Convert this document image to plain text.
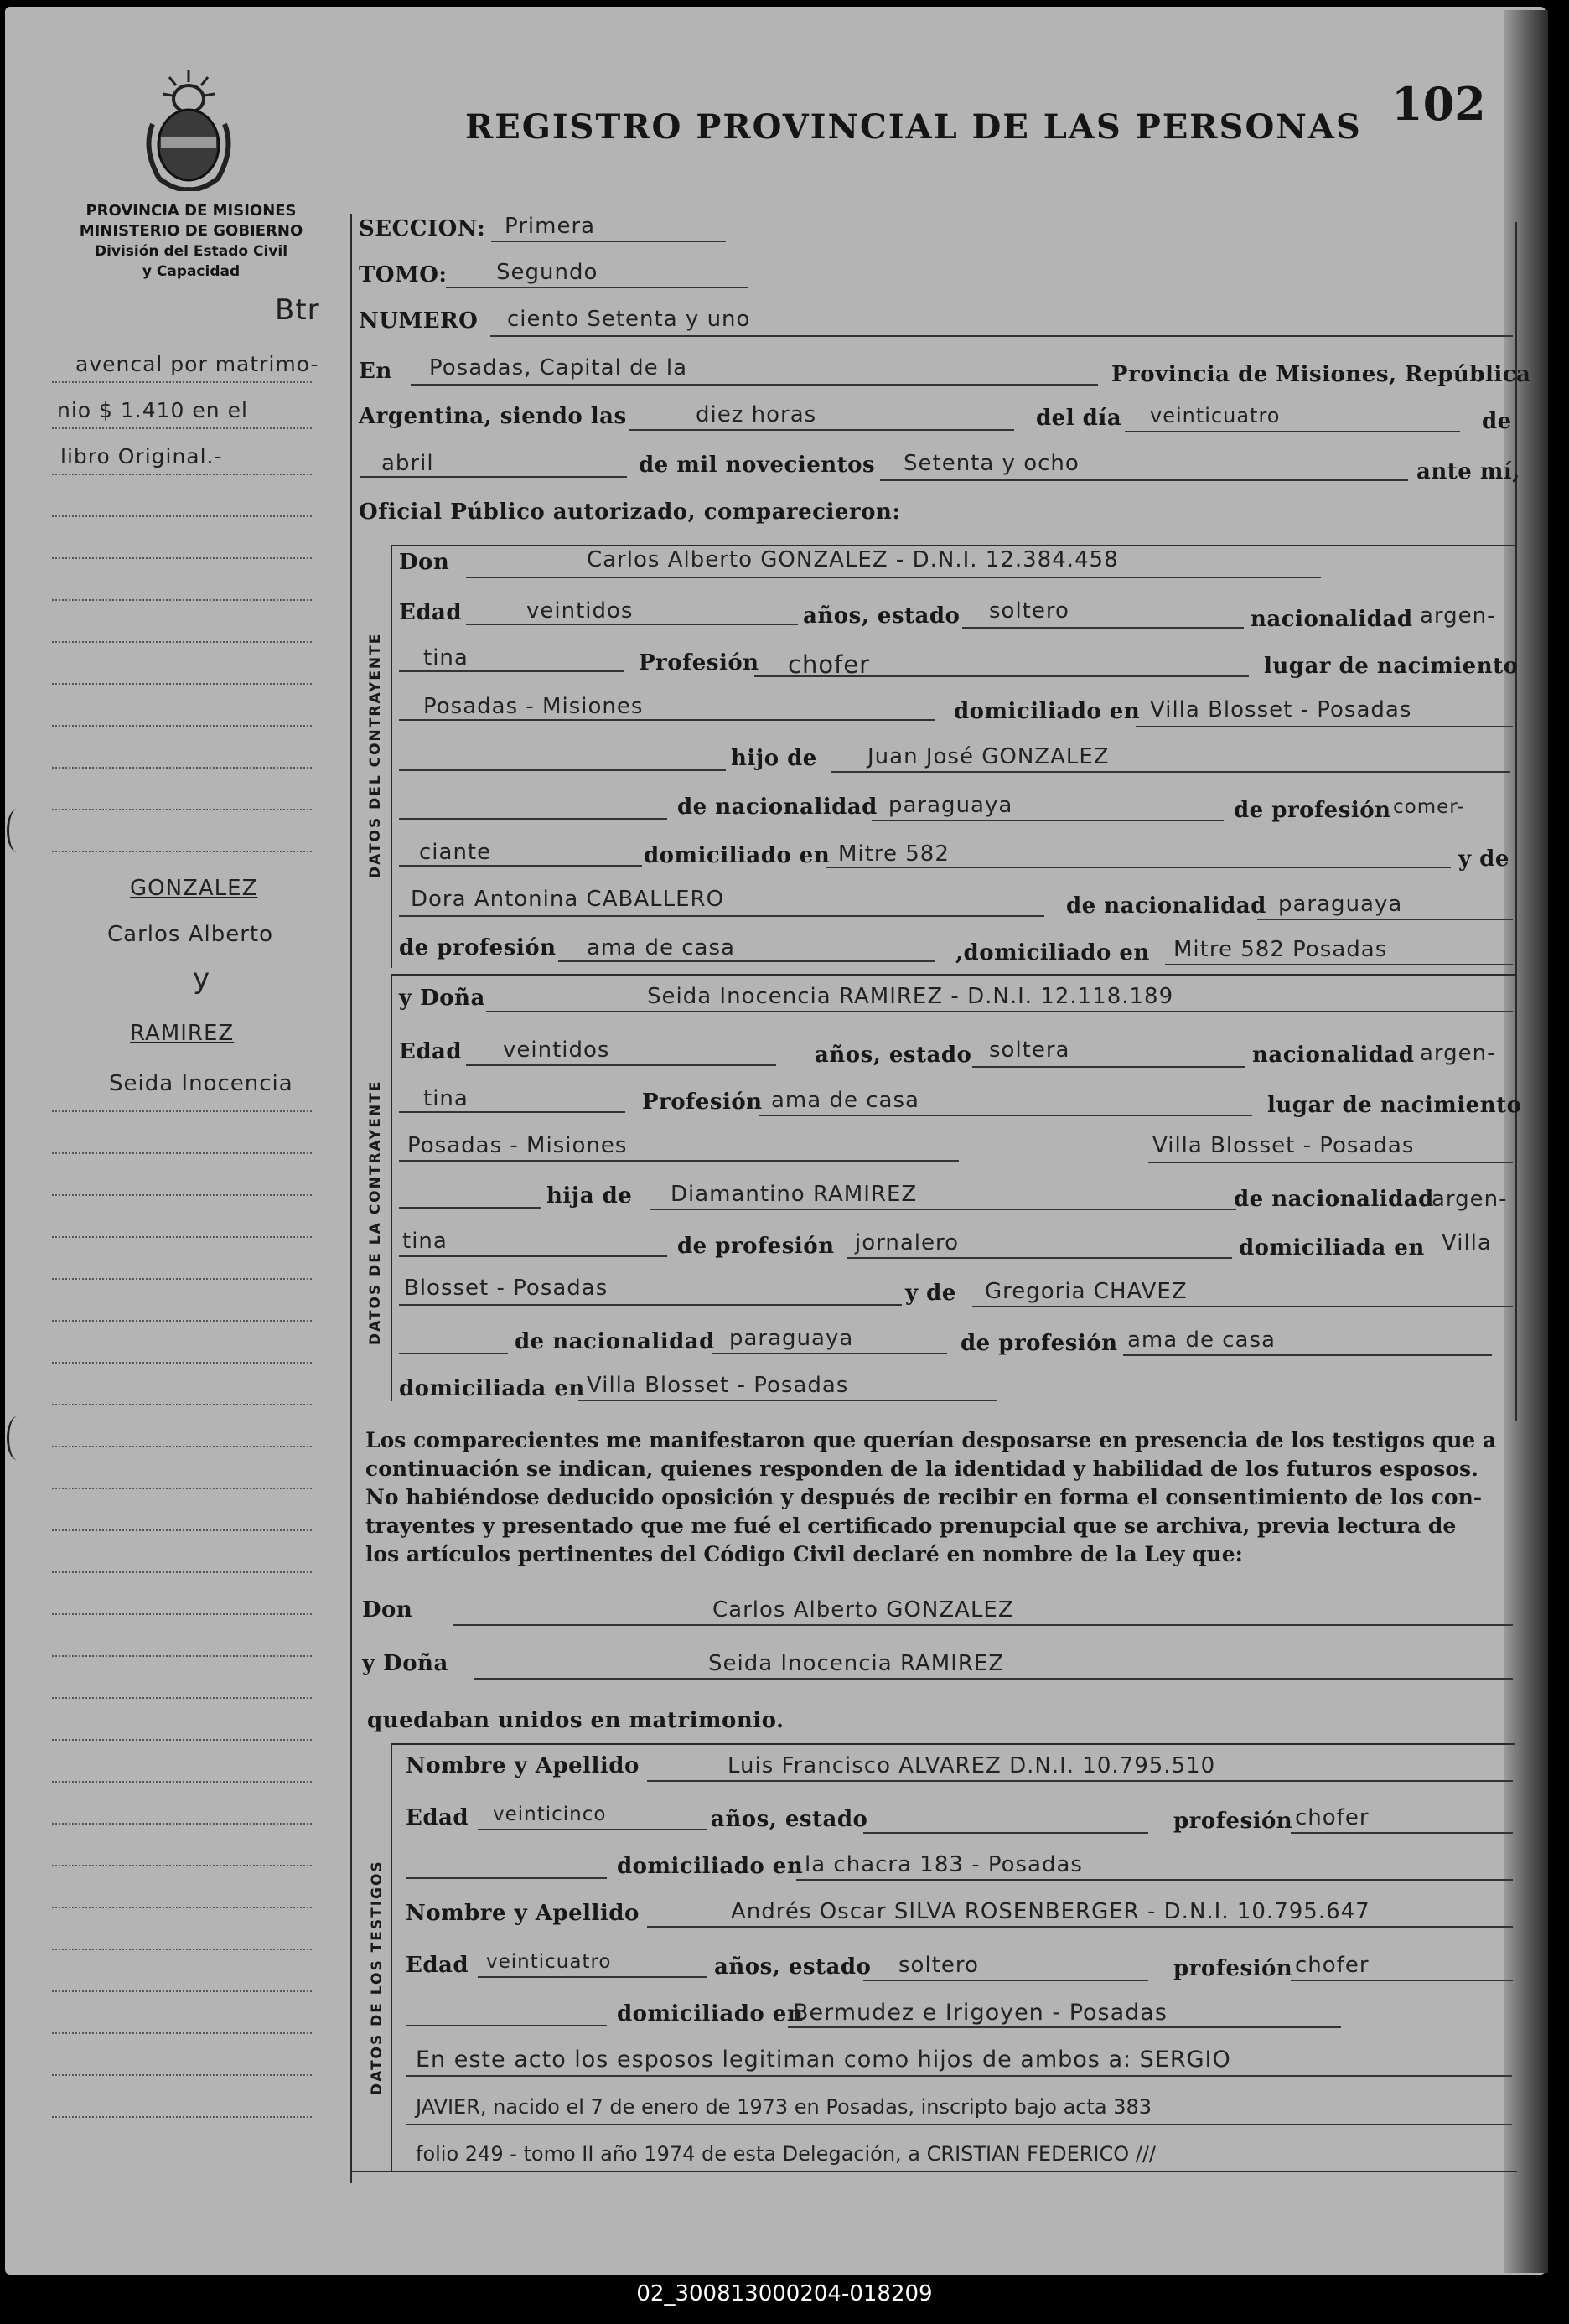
PROVINCIA DE MISIONES
MINISTERIO DE GOBIERNO
División del Estado Civil
y Capacidad
Btr
REGISTRO PROVINCIAL DE LAS PERSONAS 102
avencal por matrimo-
nio $ 1.410 en el
libro Original.-
GONZALEZ
Carlos Alberto
y
RAMIREZ
Seida Inocencia
SECCION: Primera
TOMO: Segundo
NUMERO ciento Setenta y uno
En Posadas, Capital de la	Provincia de Misiones, República
Argentina, siendo las	diez horas	del día veinticuatro	de
abril	de mil novecientos Setenta y ocho	ante mí,
Oficial Público autorizado, comparecieron:
DATOS DEL CONTRAYENTE
Don	Carlos Alberto GONZALEZ - D.N.I. 12.384.458
Edad	veintidos	años, estado soltero	nacionalidad argen-
tina	Profesión chofer	lugar de nacimiento
Posadas - Misiones	domiciliado en Villa Blosset - Posadas
hijo de Juan José GONZALEZ
de nacionalidad paraguaya	de profesión comer-
ciante	domiciliado en Mitre 582	y de
Dora Antonina CABALLERO	de nacionalidad paraguaya
de profesión ama de casa	,domiciliado en Mitre 582 Posadas
DATOS DE LA CONTRAYENTE
y Doña	Seida Inocencia RAMIREZ - D.N.I. 12.118.189
Edad veintidos	años, estado soltera	nacionalidad argen-
tina	Profesión ama de casa	lugar de nacimiento
Posadas - Misiones	Villa Blosset - Posadas
hija de Diamantino RAMIREZ	de nacionalidad
argen-
tina	de profesión jornalero	domiciliada en Villa
Blosset - Posadas	y de Gregoria CHAVEZ
de nacionalidad paraguaya	de profesión ama de casa
domiciliada en Villa Blosset - Posadas
Los comparecientes me manifestaron que querían desposarse en presencia de los testigos que a
continuación se indican, quienes responden de la identidad y habilidad de los futuros esposos.
No habiéndose deducido oposición y después de recibir en forma el consentimiento de los con-
trayentes y presentado que me fué el certificado prenupcial que se archiva, previa lectura de
los artículos pertinentes del Código Civil declaré en nombre de la Ley que:
Don	Carlos Alberto GONZALEZ
y Doña	Seida Inocencia RAMIREZ
quedaban unidos en matrimonio.
DATOS DE LOS TESTIGOS
Nombre y Apellido	Luis Francisco ALVAREZ D.N.I. 10.795.510
Edad veinticinco	años, estado	profesión chofer
domiciliado en la chacra 183 - Posadas
Nombre y Apellido	Andrés Oscar SILVA ROSENBERGER - D.N.I. 10.795.647
Edad veinticuatro	años, estado soltero	profesión chofer
domiciliado en
Bermudez e Irigoyen - Posadas
En este acto los esposos legitiman como hijos de ambos a: SERGIO
JAVIER, nacido el 7 de enero de 1973 en Posadas, inscripto bajo acta 383
folio 249 - tomo II año 1974 de esta Delegación, a CRISTIAN FEDERICO ///
02_300813000204-018209
